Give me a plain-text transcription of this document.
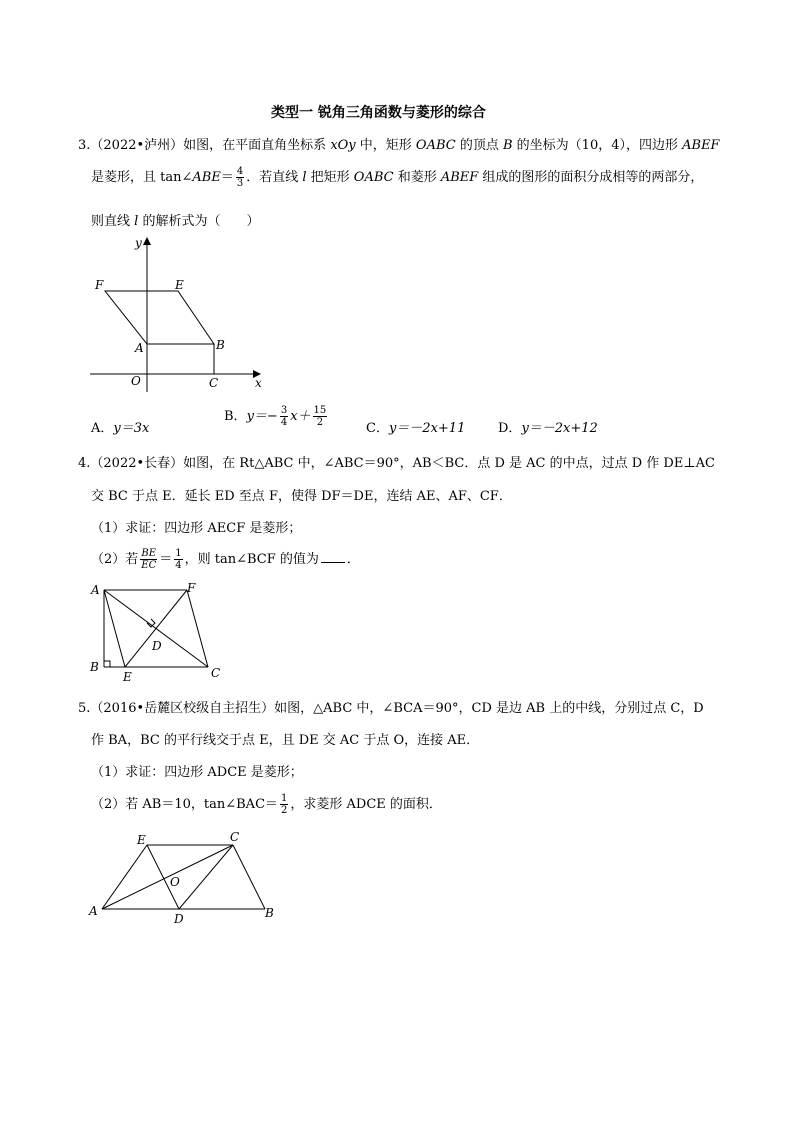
类型一 锐角三角函数与菱形的综合
3.（2022•泸州）如图，在平面直角坐标系 xOy 中，矩形 OABC 的顶点 B 的坐标为（10，4），四边形 ABEF
是菱形，且 tan∠ABE＝ $\frac{4}{3}$ ．若直线 l 把矩形 OABC 和菱形 ABEF 组成的图形的面积分成相等的两部分，
则直线 l 的解析式为（　　）
x
y
O
A	B
C
E
F
A．y＝3x
B．$y=- \frac{3}{4} x+ \frac{15}{2}$
C．y＝－2x+11	D．y＝－2x+12
4.（2022•长春）如图，在 Rt△ABC 中，∠ABC＝90°，AB＜BC．点 D 是 AC 的中点，过点 D 作 DE⊥AC
交 BC 于点 E．延长 ED 至点 F，使得 DF＝DE，连结 AE、AF、CF．
（1）求证：四边形 AECF 是菱形；
（2）若 $\frac{BE}{EC} = \frac{1}{4}$ ，则 tan∠BCF 的值为 ．
A
B	C
D
E
F
5.（2016•岳麓区校级自主招生）如图，△ABC 中，∠BCA＝90°，CD 是边 AB 上的中线，分别过点 C，D
作 BA，BC 的平行线交于点 E，且 DE 交 AC 于点 O，连接 AE．
（1）求证：四边形 ADCE 是菱形；
（2）若 AB＝10，tan∠BAC＝ $\frac{1}{2}$ ，求菱形 ADCE 的面积．
A	B
C
D
E
O
